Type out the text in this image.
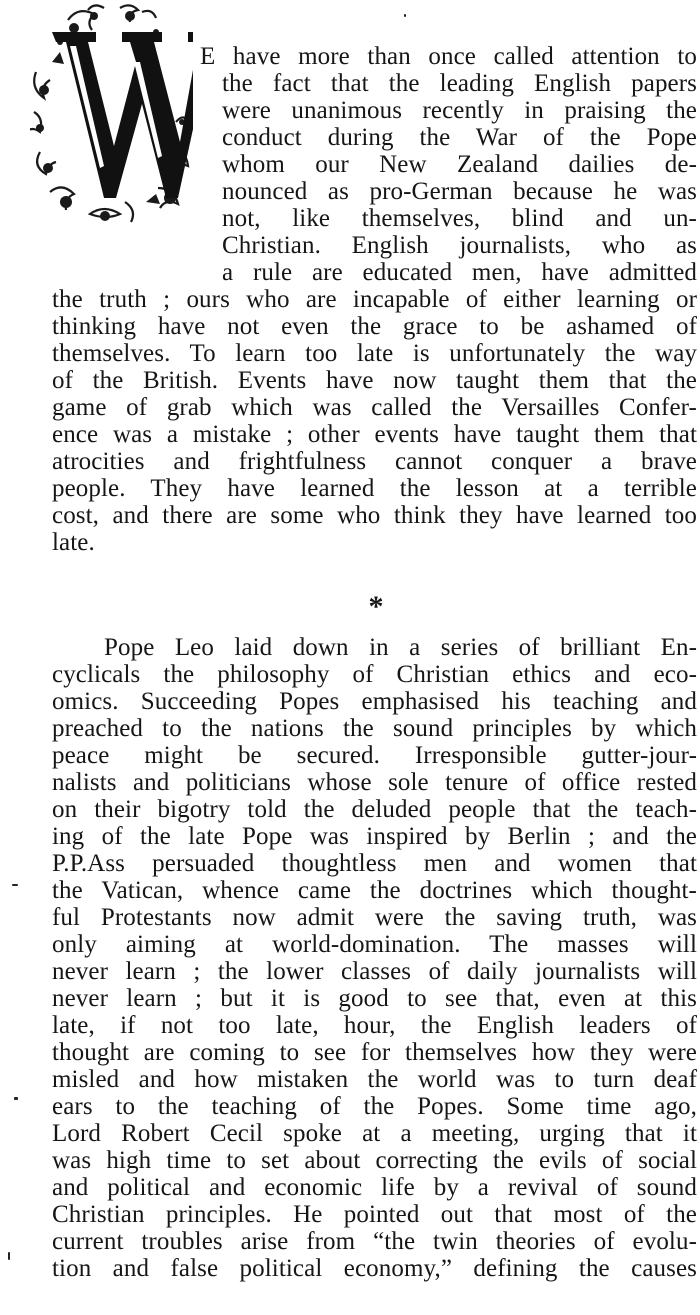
E have more than once called attention to
the fact that the leading English papers
were unanimous recently in praising the
conduct during the War of the Pope
whom our New Zealand dailies de-
nounced as pro-German because he was
not, like themselves, blind and un-
Christian. English journalists, who as
a rule are educated men, have admitted
the truth ; ours who are incapable of either learning or
thinking have not even the grace to be ashamed of
themselves. To learn too late is unfortunately the way
of the British. Events have now taught them that the
game of grab which was called the Versailles Confer-
ence was a mistake ; other events have taught them that
atrocities and frightfulness cannot conquer a brave
people. They have learned the lesson at a terrible
cost, and there are some who think they have learned too
late.
*
Pope Leo laid down in a series of brilliant En-
cyclicals the philosophy of Christian ethics and eco-
omics. Succeeding Popes emphasised his teaching and
preached to the nations the sound principles by which
peace might be secured. Irresponsible gutter-jour-
nalists and politicians whose sole tenure of office rested
on their bigotry told the deluded people that the teach-
ing of the late Pope was inspired by Berlin ; and the
P.P.Ass persuaded thoughtless men and women that
the Vatican, whence came the doctrines which thought-
ful Protestants now admit were the saving truth, was
only aiming at world-domination. The masses will
never learn ; the lower classes of daily journalists will
never learn ; but it is good to see that, even at this
late, if not too late, hour, the English leaders of
thought are coming to see for themselves how they were
misled and how mistaken the world was to turn deaf
ears to the teaching of the Popes. Some time ago,
Lord Robert Cecil spoke at a meeting, urging that it
was high time to set about correcting the evils of social
and political and economic life by a revival of sound
Christian principles. He pointed out that most of the
current troubles arise from “the twin theories of evolu-
tion and false political economy,” defining the causes
